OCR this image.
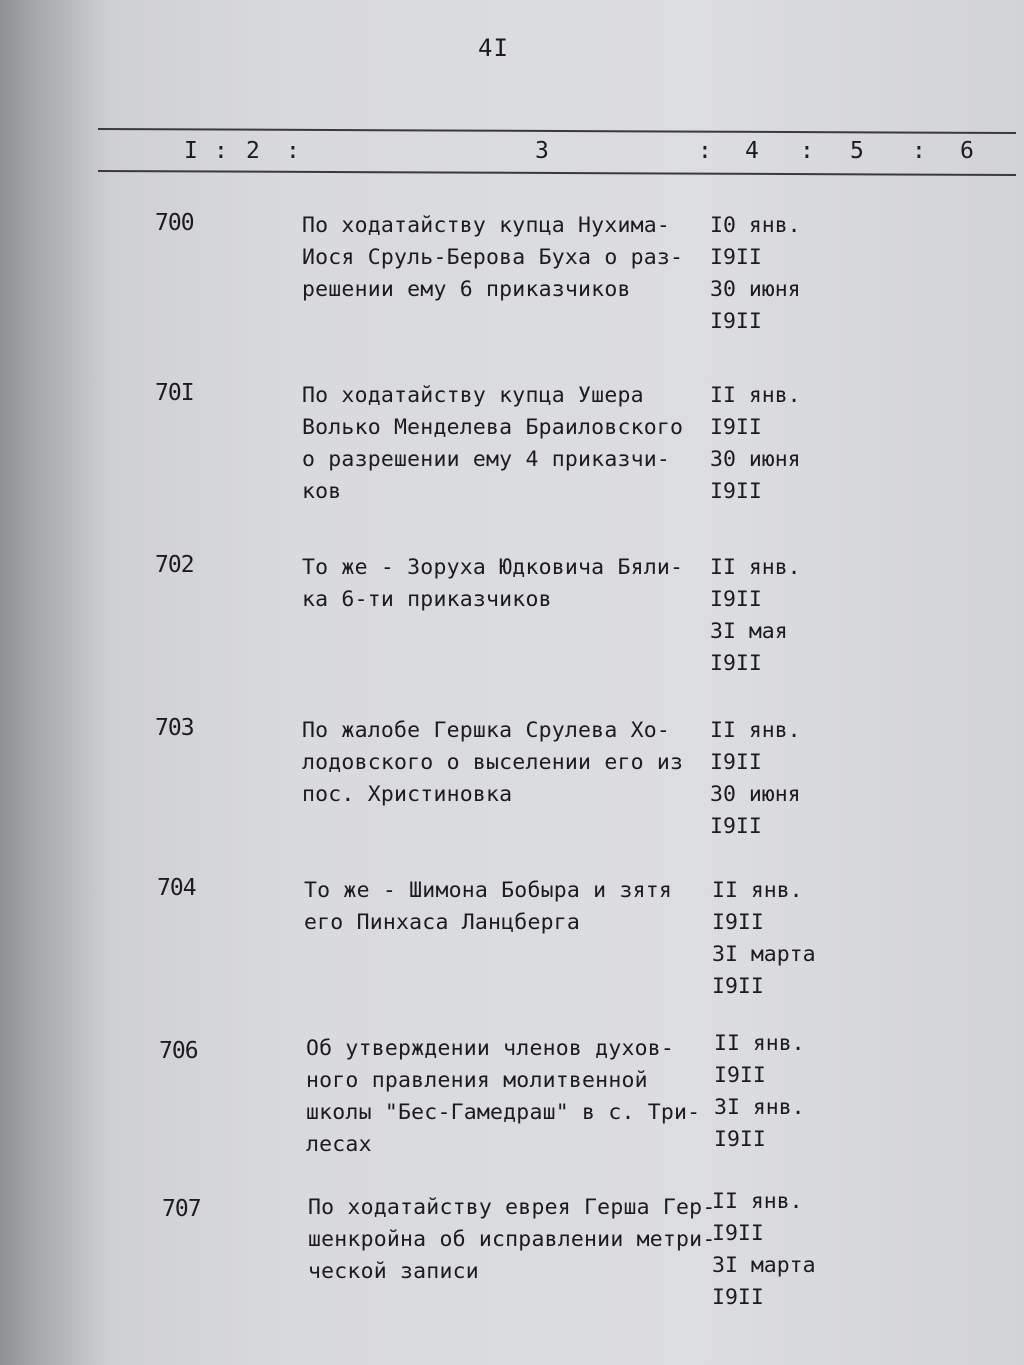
4I
I : 2 :	3	: 4 : 5 : 6
700	По ходатайству купца Нухима-
Иося Сруль-Берова Буха о раз-
решении ему 6 приказчиков
I0 янв.
I9II
30 июня
I9II
70I	По ходатайству купца Ушера
Волько Менделева Браиловского
о разрешении ему 4 приказчи-
ков
II янв.
I9II
30 июня
I9II
702	То же - Зоруха Юдковича Бяли-
ка 6-ти приказчиков
II янв.
I9II
3I мая
I9II
703	По жалобе Гершка Срулева Хо-
лодовского о выселении его из
пос. Христиновка
II янв.
I9II
30 июня
I9II
704	То же - Шимона Бобыра и зятя
его Пинхаса Ланцберга
II янв.
I9II
3I марта
I9II
706	Об утверждении членов духов-
ного правления молитвенной
школы "Бес-Гамедраш" в с. Три-
лесах
II янв.
I9II
3I янв.
I9II
707	По ходатайству еврея Герша Гер-
шенкройна об исправлении метри-
ческой записи
II янв.
I9II
3I марта
I9II
